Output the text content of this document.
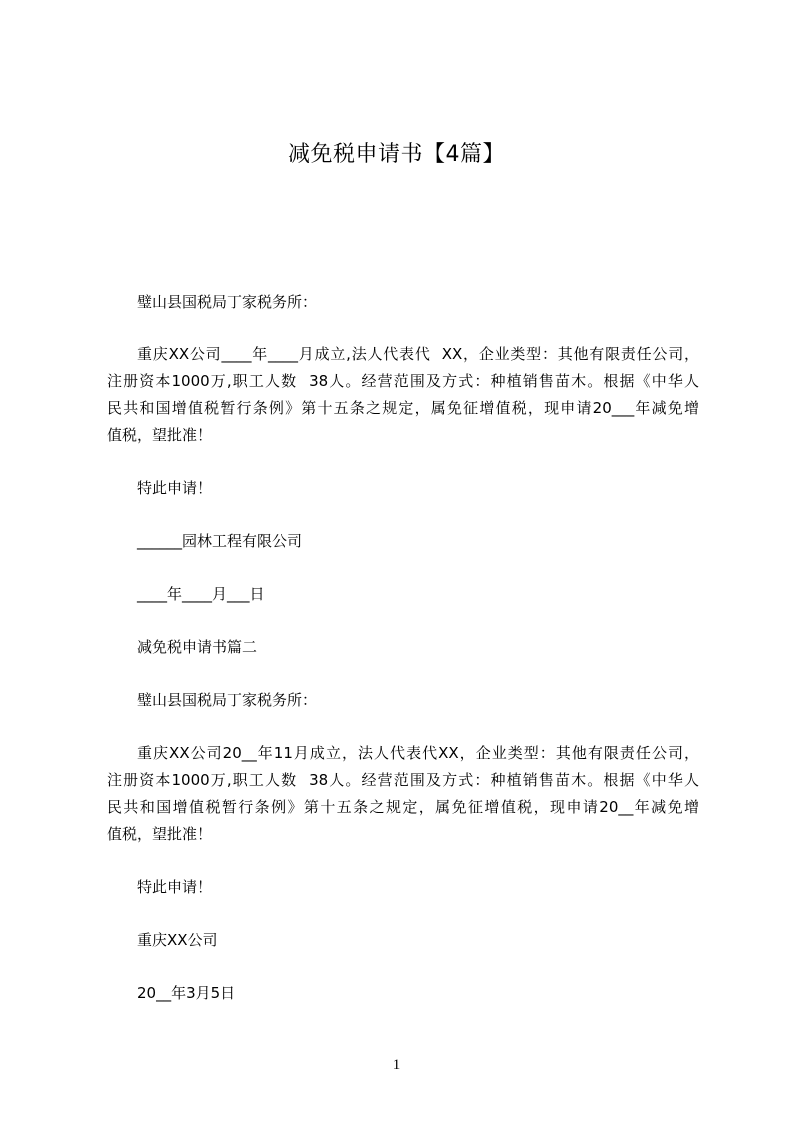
减免税申请书【4篇】
璧山县国税局丁家税务所：
重庆XX公司____年____月成立,法人代表代  XX，企业类型：其他有限责任公司，
注册资本1000万,职工人数  38人。经营范围及方式：种植销售苗木。根据《中华人
民共和国增值税暂行条例》第十五条之规定，属免征增值税，现申请20___年减免增
值税，望批准！
特此申请！
______园林工程有限公司
____年____月___日
减免税申请书篇二
璧山县国税局丁家税务所：
重庆XX公司20__年11月成立，法人代表代XX，企业类型：其他有限责任公司，
注册资本1000万,职工人数  38人。经营范围及方式：种植销售苗木。根据《中华人
民共和国增值税暂行条例》第十五条之规定，属免征增值税，现申请20__年减免增
值税，望批准！
特此申请！
重庆XX公司
20__年3月5日
1
